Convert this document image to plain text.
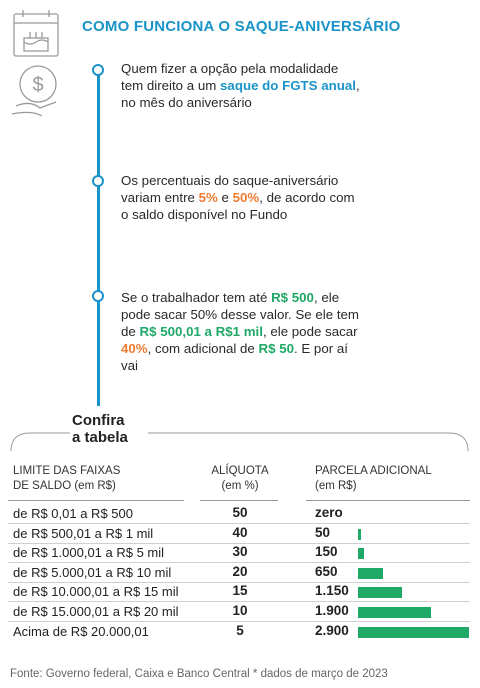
$
COMO FUNCIONA O SAQUE-ANIVERSÁRIO
Quem fizer a opção pela modalidade tem direito a um saque do FGTS anual, no mês do aniversário
Os percentuais do saque-aniversário variam entre 5% e 50%, de acordo com o saldo disponível no Fundo
Se o trabalhador tem até R$ 500, ele pode sacar 50% desse valor. Se ele tem de R$ 500,01 a R$1 mil, ele pode sacar 40%, com adicional de R$ 50. E por aí vai
Confira
a tabela
LIMITE DAS FAIXAS
DE SALDO (em R$)
ALÍQUOTA
(em %)
PARCELA ADICIONAL
(em R$)
de R$ 0,01 a R$ 500	50	zero
de R$ 500,01 a R$ 1 mil	40	50
de R$ 1.000,01 a R$ 5 mil	30	150
de R$ 5.000,01 a R$ 10 mil	20	650
de R$ 10.000,01 a R$ 15 mil	15	1.150
de R$ 15.000,01 a R$ 20 mil	10	1.900
Acima de R$ 20.000,01	5	2.900
Fonte: Governo federal, Caixa e Banco Central * dados de março de 2023
